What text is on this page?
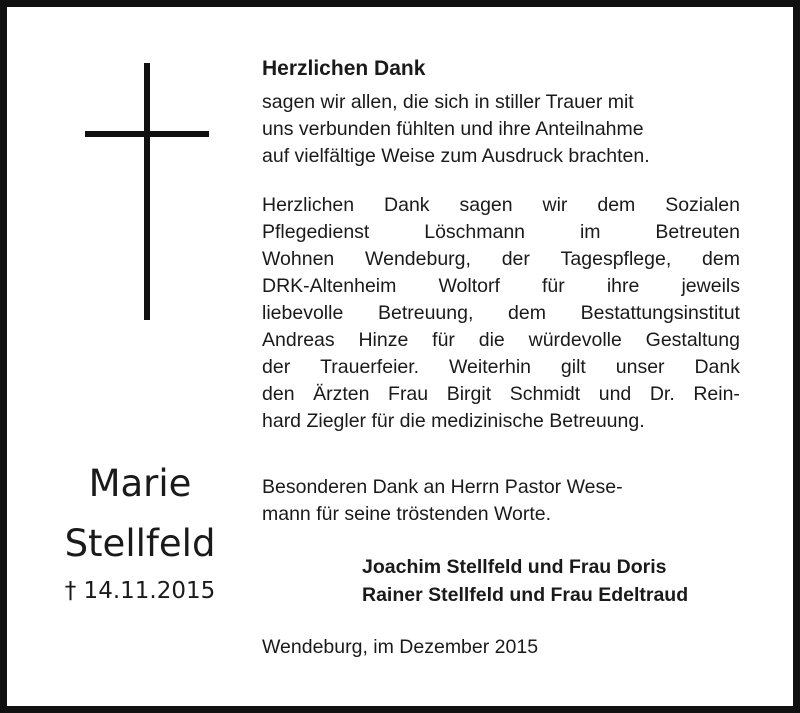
Marie
Stellfeld
† 14.11.2015
Herzlichen Dank
sagen wir allen, die sich in stiller Trauer mit
uns verbunden fühlten und ihre Anteilnahme
auf vielfältige Weise zum Ausdruck brachten.
Herzlichen Dank sagen wir dem Sozialen
Pflegedienst	Löschmann	im	Betreuten
Wohnen Wendeburg, der Tagespflege, dem
DRK-Altenheim Woltorf für ihre jeweils
liebevolle Betreuung, dem Bestattungsinstitut
Andreas Hinze für die würdevolle Gestaltung
der Trauerfeier. Weiterhin gilt unser Dank
den Ärzten Frau Birgit Schmidt und Dr. Rein-
hard Ziegler für die medizinische Betreuung.
Besonderen Dank an Herrn Pastor Wese-
mann für seine tröstenden Worte.
Joachim Stellfeld und Frau Doris
Rainer Stellfeld und Frau Edeltraud
Wendeburg, im Dezember 2015
